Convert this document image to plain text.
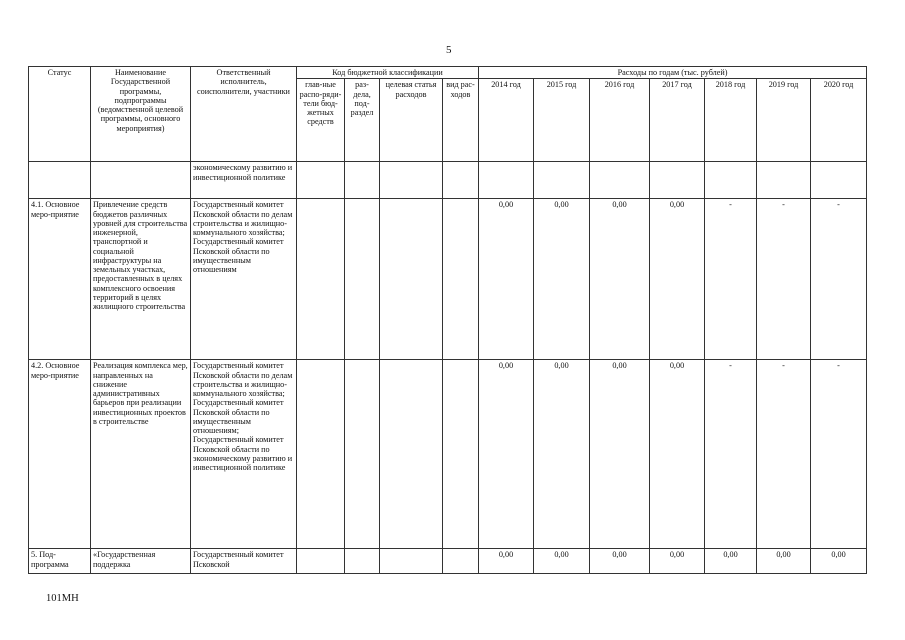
5
Статус	Наименование Государственной программы, подпрограммы (ведомственной целевой программы, основного мероприятия)	Ответственный исполнитель, соисполнители, участники	Код бюджетной классификации				Расходы по годам (тыс. рублей)						
			глав-ные распо-ряди-тели бюд-жетных средств	раз-дела, под-раздел	целевая статья расходов	вид рас-ходов	2014 год	2015 год	2016 год	2017 год	2018 год	2019 год	2020 год
		экономическому развитию и инвестиционной политике											
4.1. Основное меро-приятие	Привлечение средств бюджетов различных уровней для строительства инженерной, транспортной и социальной инфраструктуры на земельных участках, предоставленных в целях комплексного освоения территорий в целях жилищного строительства	Государственный комитет Псковской области по делам строительства и жилищно-коммунального хозяйства; Государственный комитет Псковской области по имущественным отношениям					0,00	0,00	0,00	0,00	-	-	-
4.2. Основное меро-приятие	Реализация комплекса мер, направленных на снижение административных барьеров при реализации инвестиционных проектов в строительстве	Государственный комитет Псковской области по делам строительства и жилищно-коммунального хозяйства; Государственный комитет Псковской области по имущественным отношениям; Государственный комитет Псковской области по экономическому развитию и инвестиционной политике					0,00	0,00	0,00	0,00	-	-	-
5. Под-программа	«Государственная поддержка	Государственный комитет Псковской					0,00	0,00	0,00	0,00	0,00	0,00	0,00
101МН
